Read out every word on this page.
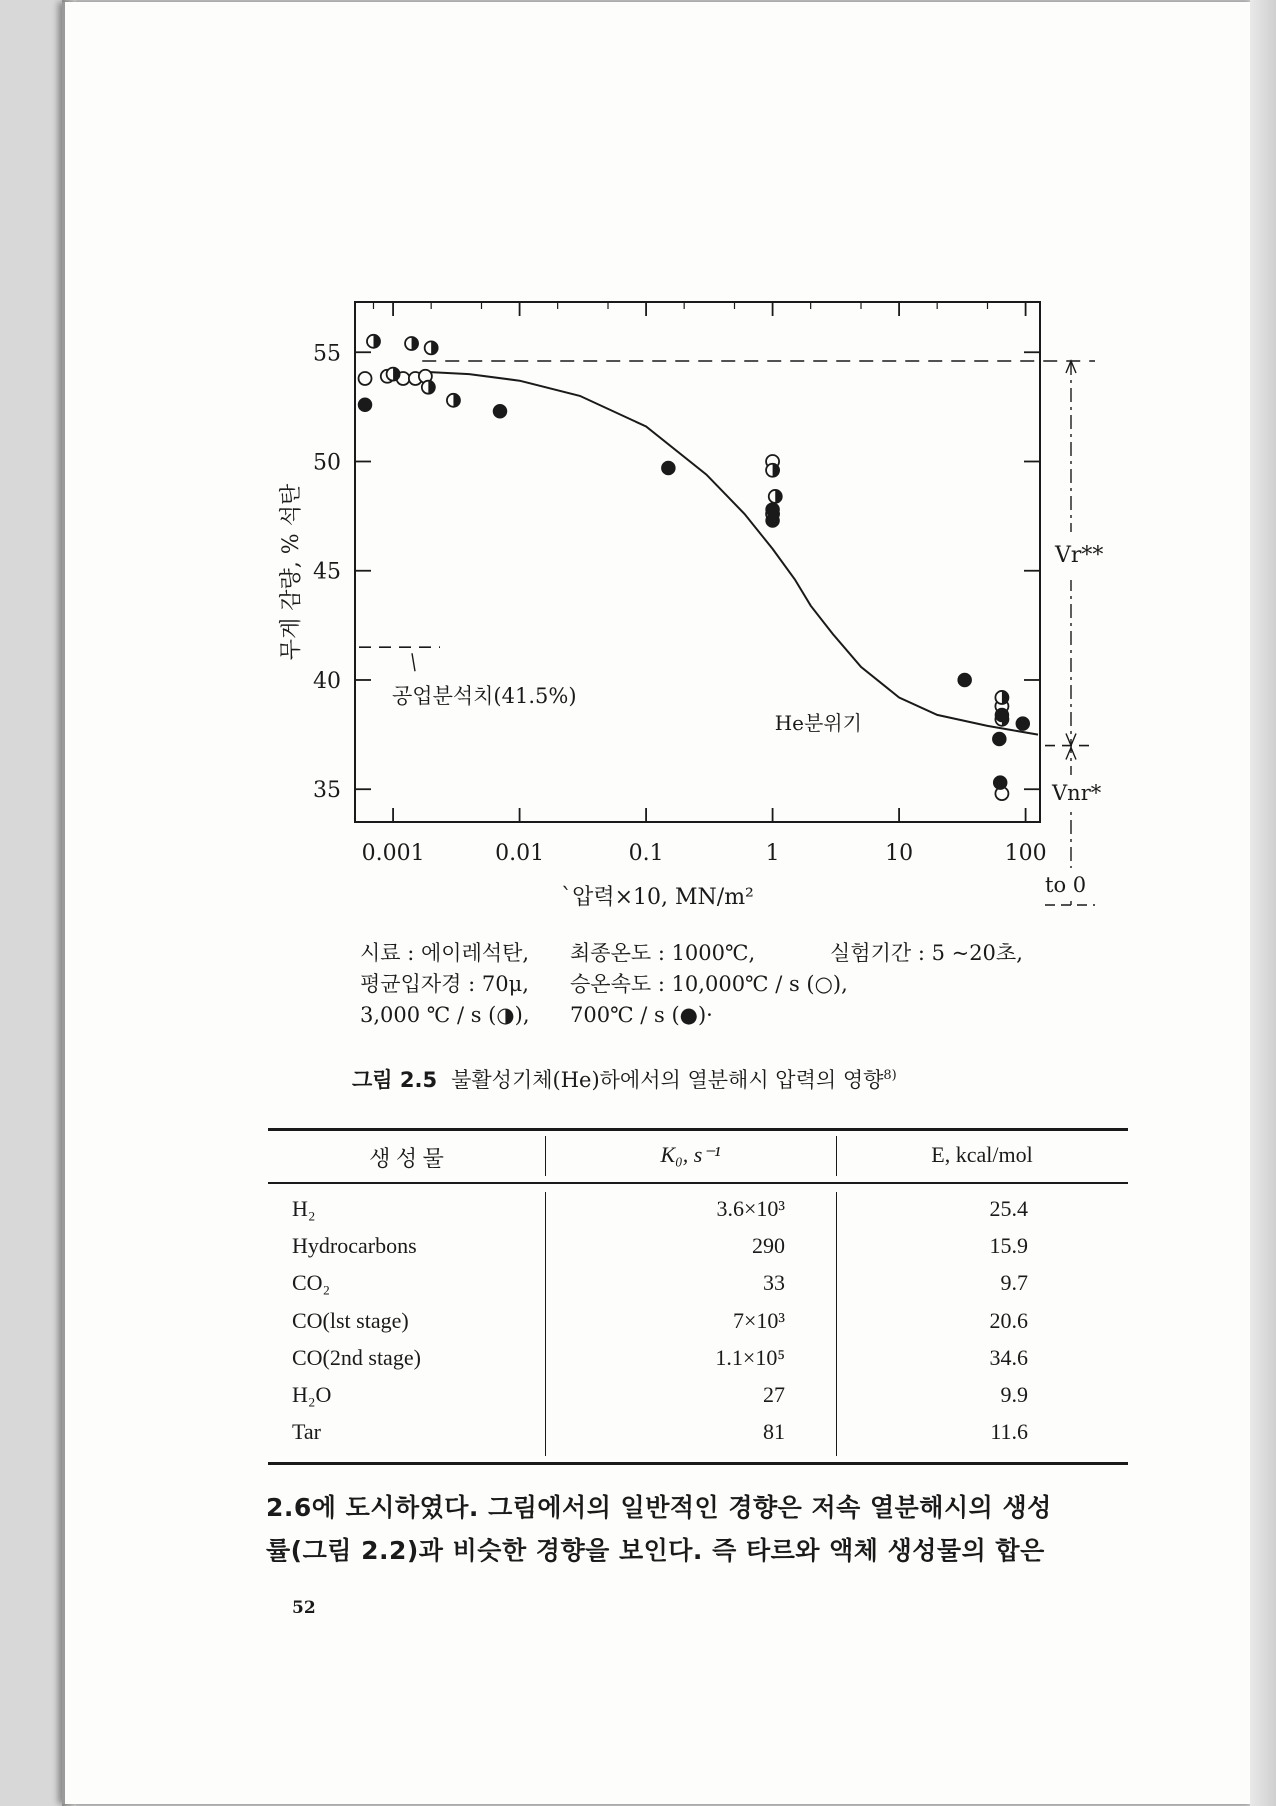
0.001	0.01	0.1	1	10	100
35
40
45
50
55
`압력×10, MN/m²
무게 감량, % 석탄
공업분석치(41.5%)
He분위기
Vr**
Vnr*
to 0
시료 : 에이레석탄, 최종온도 : 1000℃,	실험기간 : 5 ~20초,
평균입자경 : 70μ, 승온속도 : 10,000℃ / s (○),
3,000 ℃ / s (◑), 700℃ / s (●)·
그림 2.5 불활성기체(He)하에서의 열분해시 압력의 영향$^{8)}$
생 성 물	K₀, s⁻¹	E, kcal/mol
H₂	3.6×10³	25.4
Hydrocarbons	290	15.9
CO₂	33	9.7
CO(lst stage)	7×10³	20.6
CO(2nd stage)	1.1×10⁵	34.6
H₂O	27	9.9
Tar	81	11.6
2.6에 도시하였다. 그림에서의 일반적인 경향은 저속 열분해시의 생성
률(그림 2.2)과 비슷한 경향을 보인다. 즉 타르와 액체 생성물의 합은
52
